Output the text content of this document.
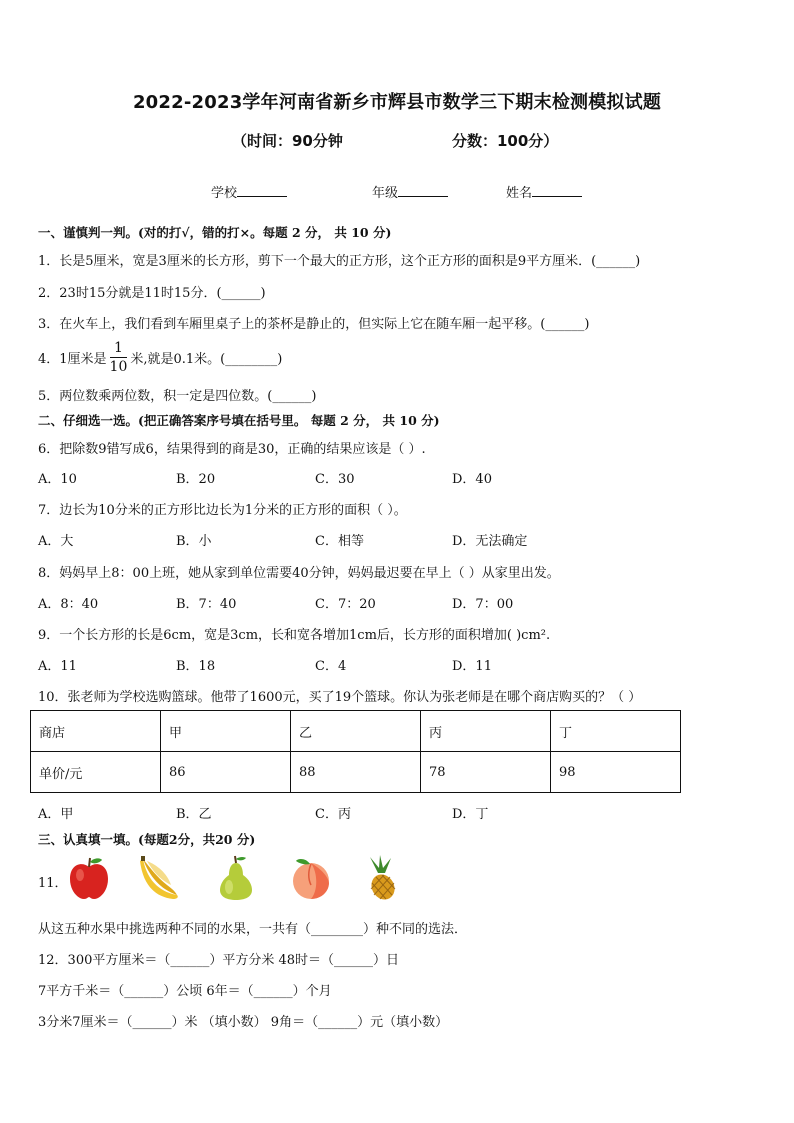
2022-2023学年河南省新乡市辉县市数学三下期末检测模拟试题
（时间：90分钟	分数：100分）
学校	年级	姓名
一、谨慎判一判。(对的打√，错的打×。每题 2 分， 共 10 分)
1．长是5厘米，宽是3厘米的长方形，剪下一个最大的正方形，这个正方形的面积是9平方厘米．(______)
2．23时15分就是11时15分．(______)
3．在火车上，我们看到车厢里桌子上的茶杯是静止的，但实际上它在随车厢一起平移。(______)
4．1厘米是 $\frac{1}{10}$ 米,就是0.1米。(________)
5．两位数乘两位数，积一定是四位数。(______)
二、仔细选一选。(把正确答案序号填在括号里。 每题 2 分， 共 10 分)
6．把除数9错写成6，结果得到的商是30，正确的结果应该是（ ）.
A．10	B．20	C．30	D．40
7．边长为10分米的正方形比边长为1分米的正方形的面积（ ）。
A．大	B．小	C．相等	D．无法确定
8．妈妈早上8：00上班，她从家到单位需要40分钟，妈妈最迟要在早上（ ）从家里出发。
A．8：40	B．7：40	C．7：20	D．7：00
9．一个长方形的长是6cm，宽是3cm，长和宽各增加1cm后，长方形的面积增加( )cm².
A．11	B．18	C．4	D．11
10．张老师为学校选购篮球。他带了1600元，买了19个篮球。你认为张老师是在哪个商店购买的？（ ）
商店	甲	乙	丙	丁
单价/元	86	88	78	98
A．甲	B．乙	C．丙	D．丁
三、认真填一填。(每题2分，共20 分)
11．
从这五种水果中挑选两种不同的水果，一共有（________）种不同的选法．
12．300平方厘米＝（______）平方分米 48时＝（______）日
7平方千米＝（______）公顷 6年＝（______）个月
3分米7厘米＝（______）米 （填小数） 9角＝（______）元（填小数）
